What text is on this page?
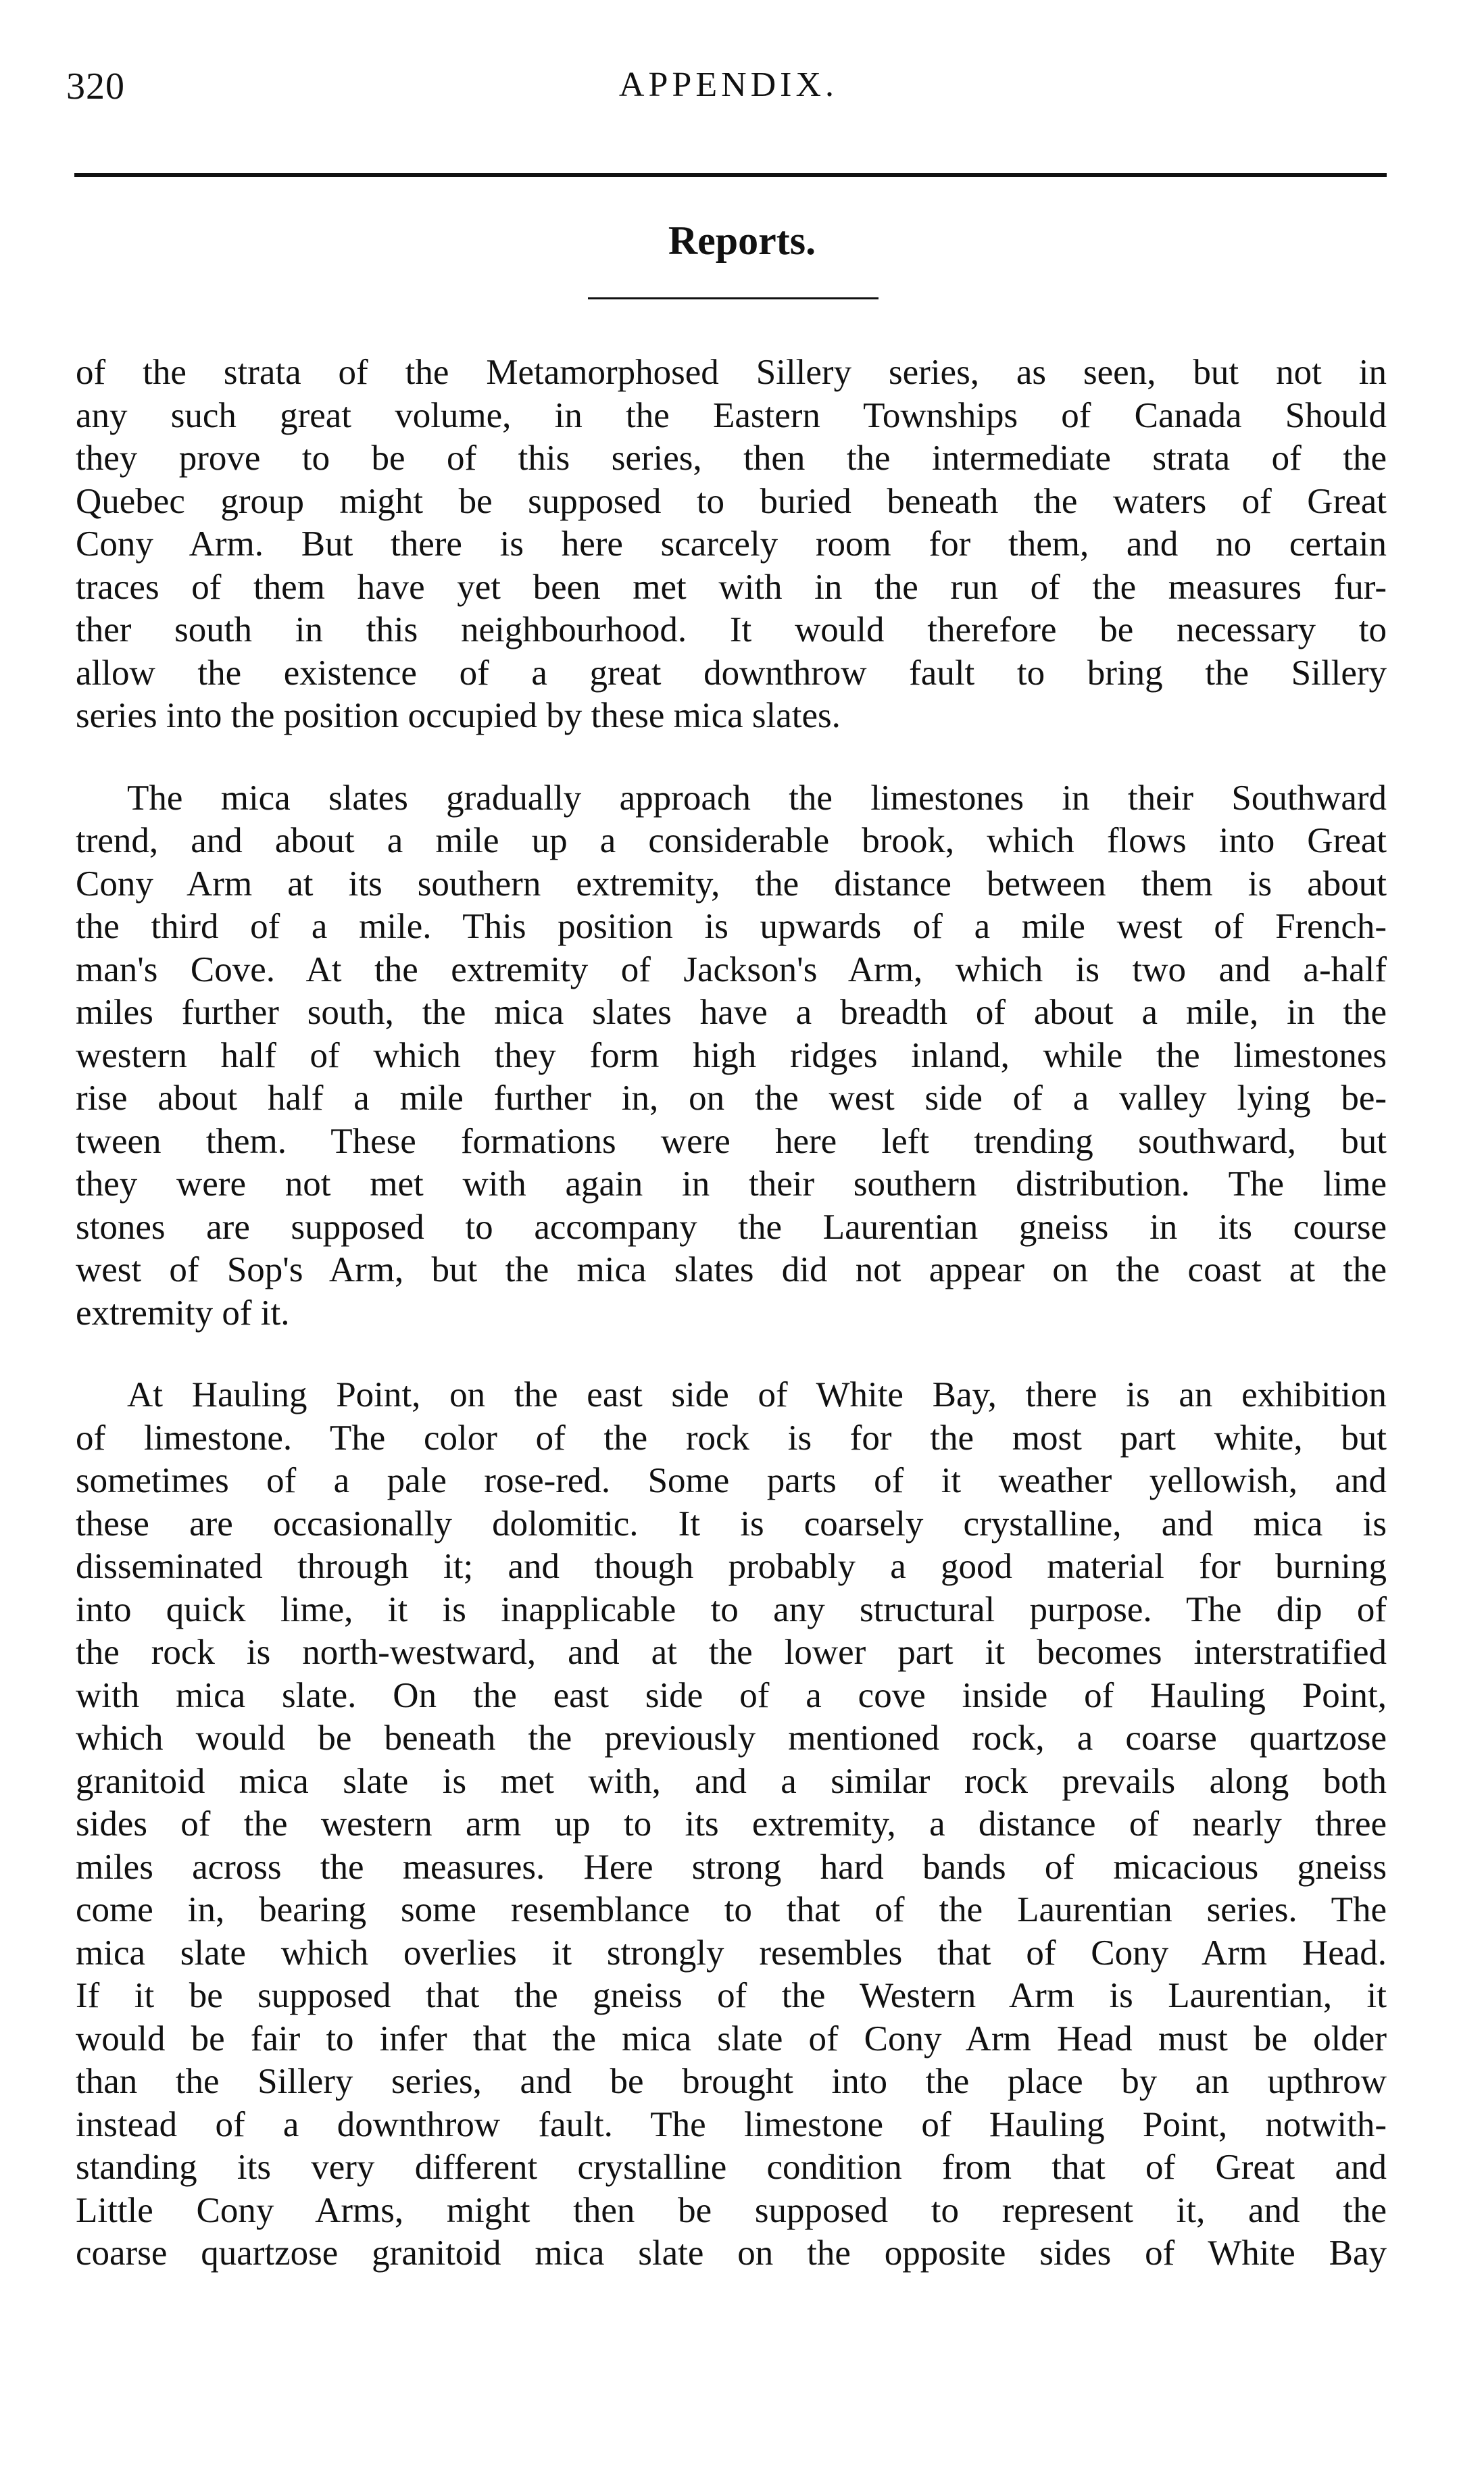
320	APPENDIX.
Reports.
of the strata of the Metamorphosed Sillery series, as seen, but not in
any such great volume, in the Eastern Townships of Canada Should
they prove to be of this series, then the intermediate strata of the
Quebec group might be supposed to buried beneath the waters of Great
Cony Arm. But there is here scarcely room for them, and no certain
traces of them have yet been met with in the run of the measures fur-
ther south in this neighbourhood. It would therefore be necessary to
allow the existence of a great downthrow fault to bring the Sillery
series into the position occupied by these mica slates.
The mica slates gradually approach the limestones in their Southward
trend, and about a mile up a considerable brook, which flows into Great
Cony Arm at its southern extremity, the distance between them is about
the third of a mile. This position is upwards of a mile west of French-
man's Cove. At the extremity of Jackson's Arm, which is two and a-half
miles further south, the mica slates have a breadth of about a mile, in the
western half of which they form high ridges inland, while the limestones
rise about half a mile further in, on the west side of a valley lying be-
tween them. These formations were here left trending southward, but
they were not met with again in their southern distribution. The lime
stones are supposed to accompany the Laurentian gneiss in its course
west of Sop's Arm, but the mica slates did not appear on the coast at the
extremity of it.
At Hauling Point, on the east side of White Bay, there is an exhibition
of limestone. The color of the rock is for the most part white, but
sometimes of a pale rose-red. Some parts of it weather yellowish, and
these are occasionally dolomitic. It is coarsely crystalline, and mica is
disseminated through it; and though probably a good material for burning
into quick lime, it is inapplicable to any structural purpose. The dip of
the rock is north-westward, and at the lower part it becomes interstratified
with mica slate. On the east side of a cove inside of Hauling Point,
which would be beneath the previously mentioned rock, a coarse quartzose
granitoid mica slate is met with, and a similar rock prevails along both
sides of the western arm up to its extremity, a distance of nearly three
miles across the measures. Here strong hard bands of micacious gneiss
come in, bearing some resemblance to that of the Laurentian series. The
mica slate which overlies it strongly resembles that of Cony Arm Head.
If it be supposed that the gneiss of the Western Arm is Laurentian, it
would be fair to infer that the mica slate of Cony Arm Head must be older
than the Sillery series, and be brought into the place by an upthrow
instead of a downthrow fault. The limestone of Hauling Point, notwith-
standing its very different crystalline condition from that of Great and
Little Cony Arms, might then be supposed to represent it, and the
coarse quartzose granitoid mica slate on the opposite sides of White Bay
